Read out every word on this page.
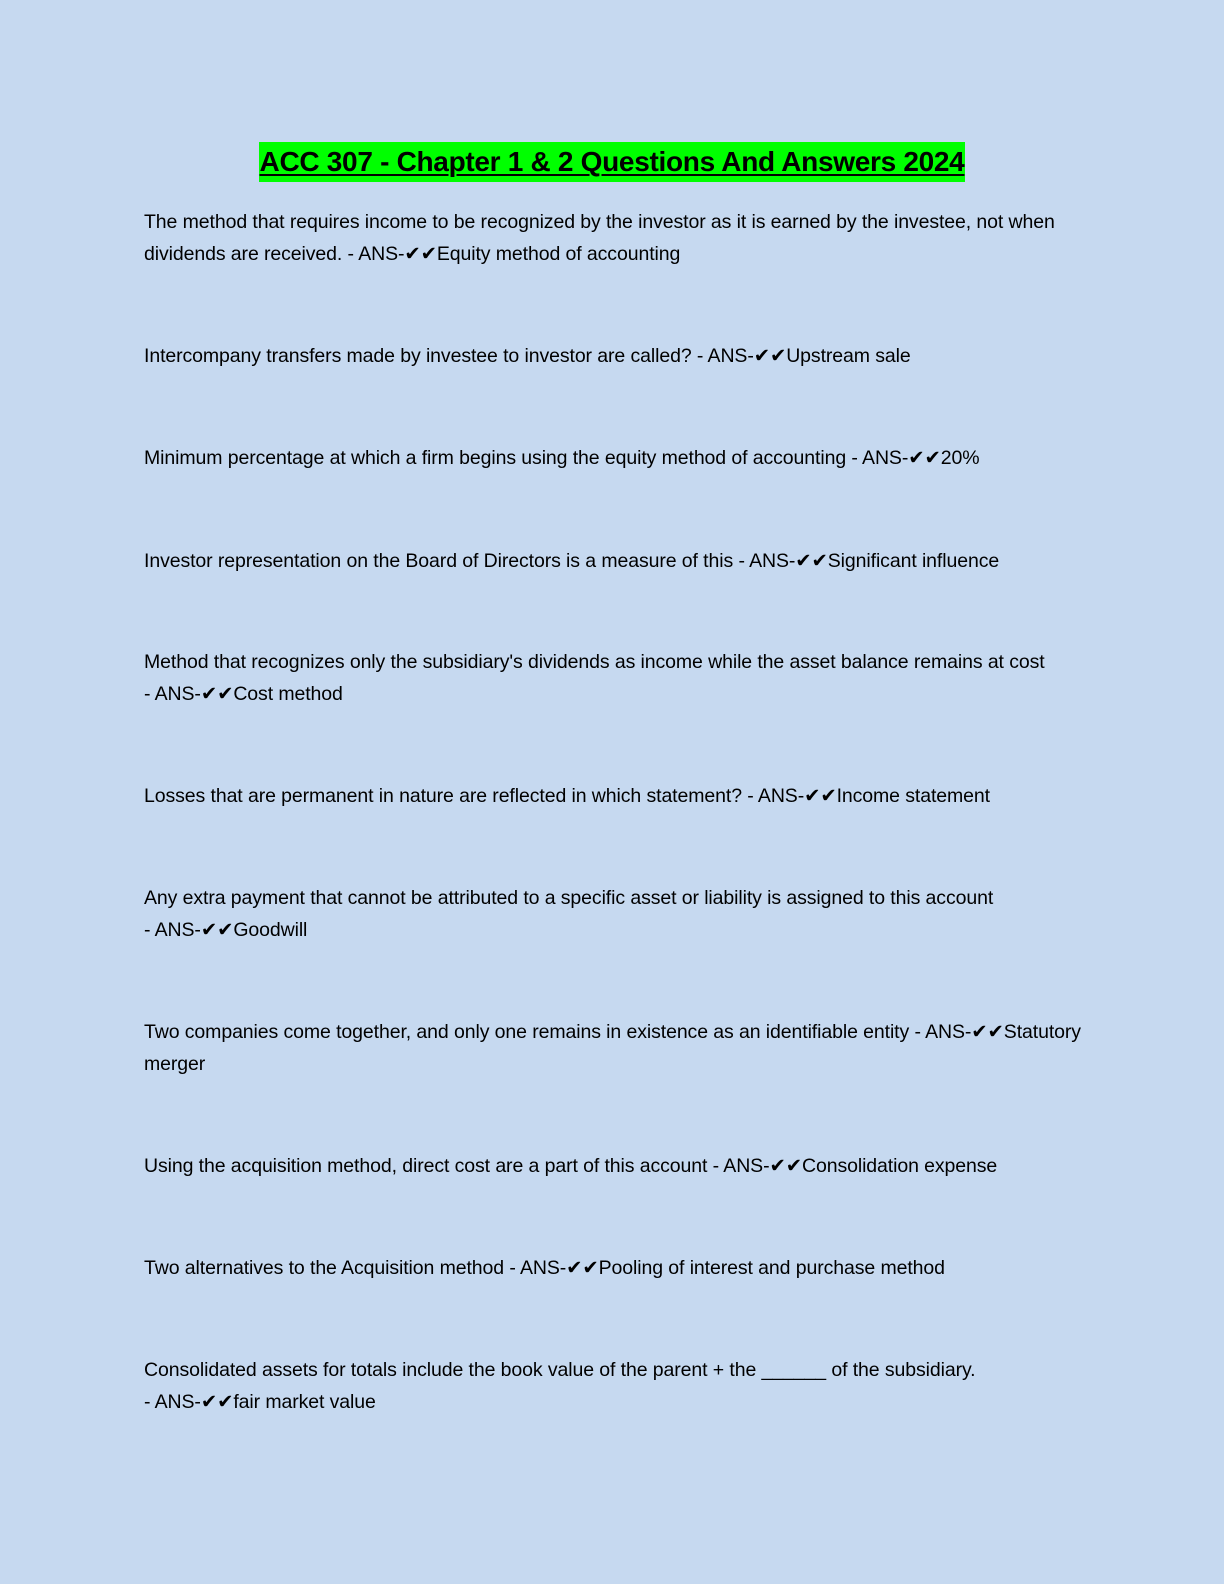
ACC 307 - Chapter 1 & 2 Questions And Answers 2024
The method that requires income to be recognized by the investor as it is earned by the investee, not when dividends are received. - ANS-✔✔Equity method of accounting
Intercompany transfers made by investee to investor are called? - ANS-✔✔Upstream sale
Minimum percentage at which a firm begins using the equity method of accounting - ANS-✔✔20%
Investor representation on the Board of Directors is a measure of this - ANS-✔✔Significant influence
Method that recognizes only the subsidiary's dividends as income while the asset balance remains at cost - ANS-✔✔Cost method
Losses that are permanent in nature are reflected in which statement? - ANS-✔✔Income statement
Any extra payment that cannot be attributed to a specific asset or liability is assigned to this account - ANS-✔✔Goodwill
Two companies come together, and only one remains in existence as an identifiable entity - ANS-✔✔Statutory merger
Using the acquisition method, direct cost are a part of this account - ANS-✔✔Consolidation expense
Two alternatives to the Acquisition method - ANS-✔✔Pooling of interest and purchase method
Consolidated assets for totals include the book value of the parent + the ______ of the subsidiary. - ANS-✔✔fair market value
